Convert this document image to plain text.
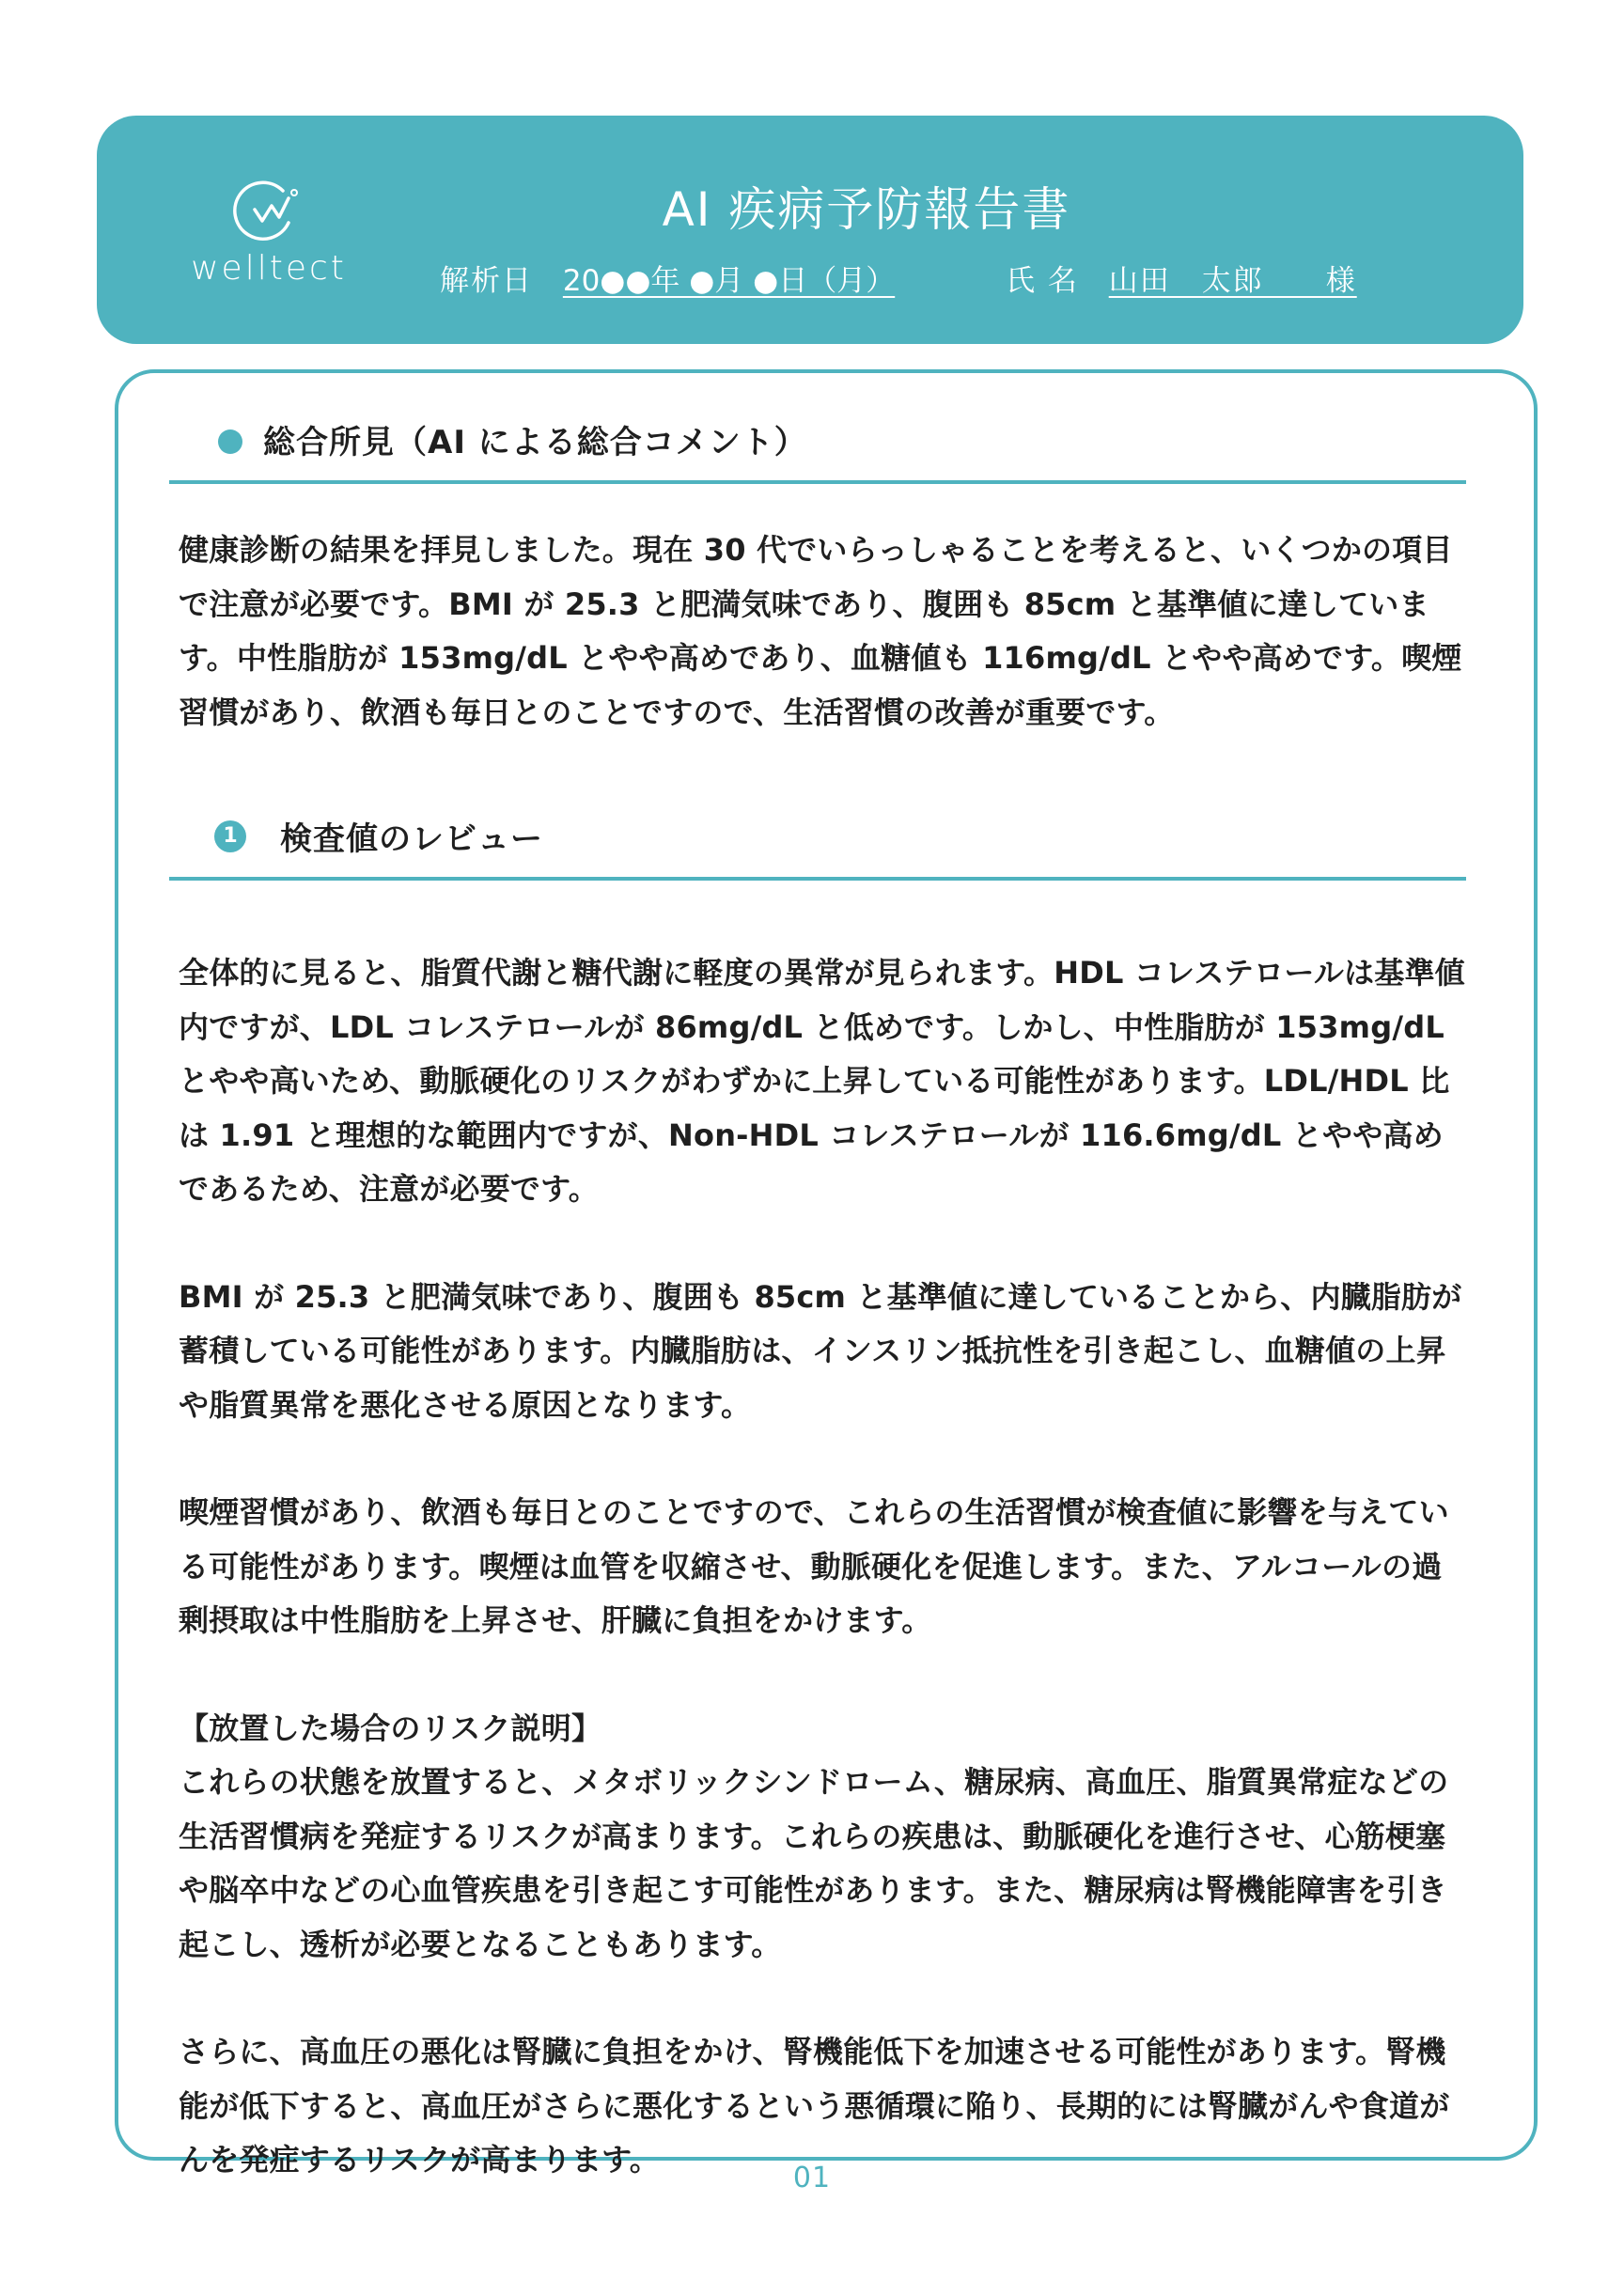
welltect
AI 疾病予防報告書
解析日 20●●年 ●月 ●日（月）	氏 名 山田　太郎　　様
総合所見（AI による総合コメント）

健康診断の結果を拝見しました。現在 30 代でいらっしゃることを考えると、いくつかの項目で注意が必要です。BMI が 25.3 と肥満気味であり、腹囲も 85cm と基準値に達しています。中性脂肪が 153mg/dL とやや高めであり、血糖値も 116mg/dL とやや高めです。喫煙習慣があり、飲酒も毎日とのことですので、生活習慣の改善が重要です。

1 検査値のレビュー

全体的に見ると、脂質代謝と糖代謝に軽度の異常が見られます。HDL コレステロールは基準値内ですが、LDL コレステロールが 86mg/dL と低めです。しかし、中性脂肪が 153mg/dL とやや高いため、動脈硬化のリスクがわずかに上昇している可能性があります。LDL/HDL 比は 1.91 と理想的な範囲内ですが、Non-HDL コレステロールが 116.6mg/dL とやや高めであるため、注意が必要です。

BMI が 25.3 と肥満気味であり、腹囲も 85cm と基準値に達していることから、内臓脂肪が蓄積している可能性があります。内臓脂肪は、インスリン抵抗性を引き起こし、血糖値の上昇や脂質異常を悪化させる原因となります。

喫煙習慣があり、飲酒も毎日とのことですので、これらの生活習慣が検査値に影響を与えている可能性があります。喫煙は血管を収縮させ、動脈硬化を促進します。また、アルコールの過剰摂取は中性脂肪を上昇させ、肝臓に負担をかけます。

【放置した場合のリスク説明】

これらの状態を放置すると、メタボリックシンドローム、糖尿病、高血圧、脂質異常症などの生活習慣病を発症するリスクが高まります。これらの疾患は、動脈硬化を進行させ、心筋梗塞や脳卒中などの心血管疾患を引き起こす可能性があります。また、糖尿病は腎機能障害を引き起こし、透析が必要となることもあります。

さらに、高血圧の悪化は腎臓に負担をかけ、腎機能低下を加速させる可能性があります。腎機能が低下すると、高血圧がさらに悪化するという悪循環に陥り、長期的には腎臓がんや食道がんを発症するリスクが高まります。

01
